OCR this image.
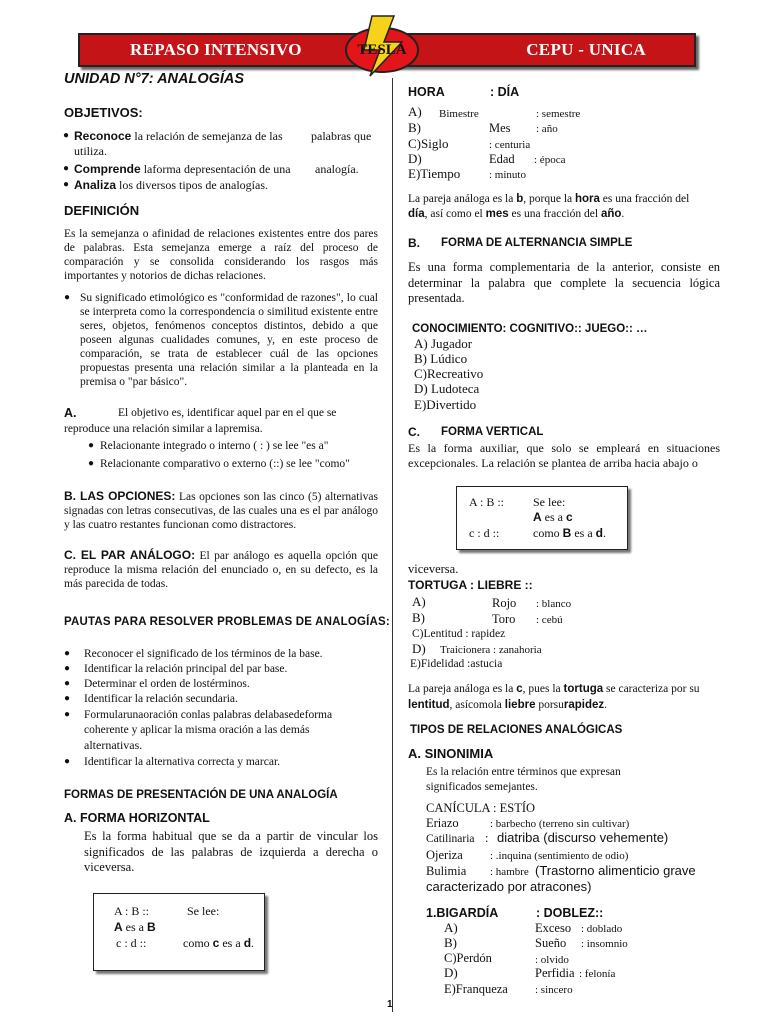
REPASO INTENSIVO	CEPU - UNICA
TESLA
UNIDAD N°7: ANALOGÍAS
OBJETIVOS:
● Reconoce la relación de semejanza de las palabras que
utiliza.
● Comprende laforma depresentación de una analogía.
● Analiza los diversos tipos de analogías.
DEFINICIÓN
Es la semejanza o afinidad de relaciones existentes entre dos pares de palabras. Esta semejanza emerge a raíz del proceso de comparación y se consolida considerando los rasgos más importantes y notorios de dichas relaciones.
● Su significado etimológico es "conformidad de razones", lo cual se interpreta como la correspondencia o similitud existente entre seres, objetos, fenómenos conceptos distintos, debido a que poseen algunas cualidades comunes, y, en este proceso de comparación, se trata de establecer cuál de las opciones propuestas presenta una relación similar a la planteada en la premisa o "par básico".
A.	El objetivo es, identificar aquel par en el que se
reproduce una relación similar a lapremisa.
● Relacionante integrado o interno ( : ) se lee "es a"
● Relacionante comparativo o externo (::) se lee "como"
B. LAS OPCIONES: Las opciones son las cinco (5) alternativas signadas con letras consecutivas, de las cuales una es el par análogo y las cuatro restantes funcionan como distractores.
C. EL PAR ANÁLOGO: El par análogo es aquella opción que reproduce la misma relación del enunciado o, en su defecto, es la más parecida de todas.
PAUTAS PARA RESOLVER PROBLEMAS DE ANALOGÍAS:
● Reconocer el significado de los términos de la base.
● Identificar la relación principal del par base.
● Determinar el orden de lostérminos.
● Identificar la relación secundaria.
● Formularunaoración conlas palabras delabasedeforma
coherente y aplicar la misma oración a las demás
alternativas.
● Identificar la alternativa correcta y marcar.
FORMAS DE PRESENTACIÓN DE UNA ANALOGÍA
A. FORMA HORIZONTAL
Es la forma habitual que se da a partir de vincular los significados de las palabras de izquierda a derecha o viceversa.
A : B ::	Se lee:
A es a B
c : d ::	como c es a d.
HORA	: DÍA
A) Bimestre	: semestre
B)	Mes : año
C)Siglo	: centuria
D)	Edad : época
E)Tiempo	: minuto
La pareja análoga es la b, porque la hora es una fracción del
día, así como el mes es una fracción del año.
B. FORMA DE ALTERNANCIA SIMPLE
Es una forma complementaria de la anterior, consiste en determinar la palabra que complete la secuencia lógica presentada.
CONOCIMIENTO: COGNITIVO:: JUEGO:: …
A) Jugador
B) Lúdico
C)Recreativo
D) Ludoteca
E)Divertido
C. FORMA VERTICAL
Es la forma auxiliar, que solo se empleará en situaciones excepcionales. La relación se plantea de arriba hacia abajo o
A : B :: Se lee:
A es a c
c : d ::	como B es a d.
viceversa.
TORTUGA : LIEBRE ::
A)	Rojo : blanco
B)	Toro : cebú
C)Lentitud : rapidez
D) Traicionera : zanahoria
E)Fidelidad :astucia
La pareja análoga es la c, pues la tortuga se caracteriza por su
lentitud, asícomola liebre porsurapidez.
TIPOS DE RELACIONES ANALÓGICAS
A. SINONIMIA
Es la relación entre términos que expresan
significados semejantes.
CANÍCULA : ESTÍO
Eriazo	: barbecho (terreno sin cultivar)
Catilinaria : diatriba (discurso vehemente)
Ojeriza : .inquina (sentimiento de odio)
Bulimia : hambre (Trastorno alimenticio grave
caracterizado por atracones)
1.BIGARDÍA	: DOBLEZ::
A)	Exceso : doblado
B)	Sueño : insomnio
C)Perdón	: olvido
D)	Perfidia : felonía
E)Franqueza : sincero
1
